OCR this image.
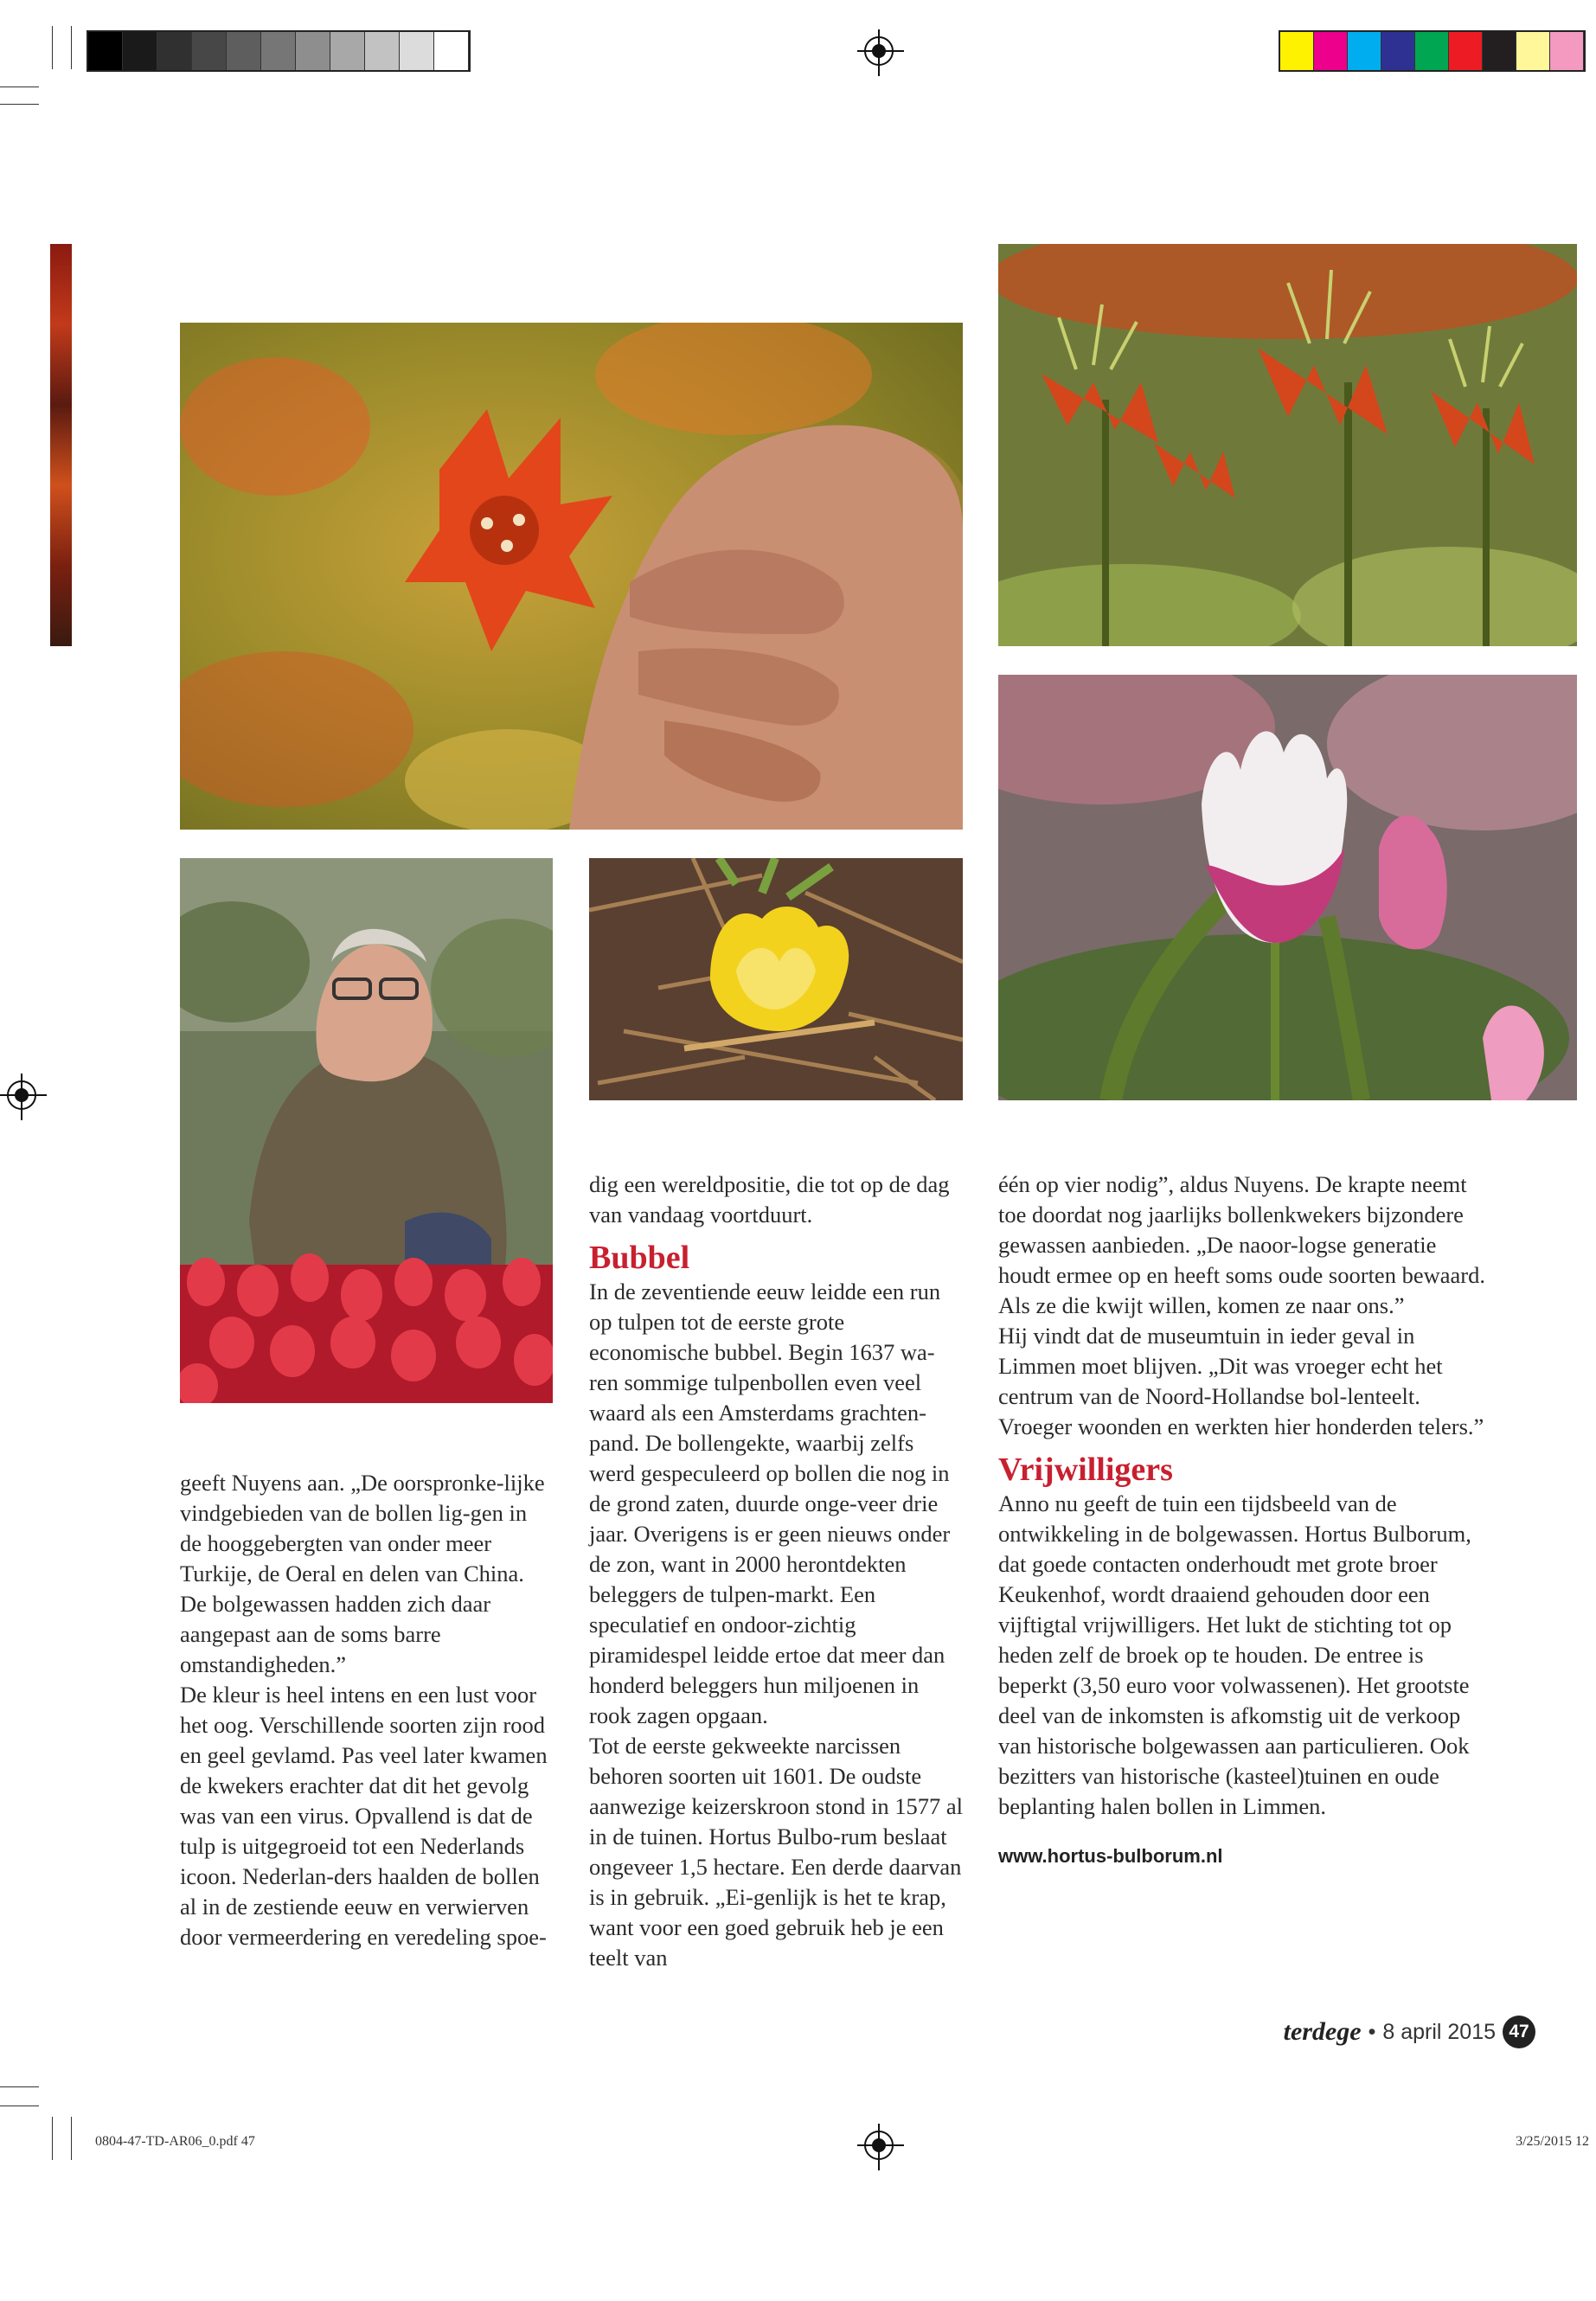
geeft Nuyens aan. „De oorspronke-lijke vindgebieden van de bollen lig-gen in de hooggebergten van onder meer Turkije, de Oeral en delen van China. De bolgewassen hadden zich daar aangepast aan de soms barre omstandigheden.”

De kleur is heel intens en een lust voor het oog. Verschillende soorten zijn rood en geel gevlamd. Pas veel later kwamen de kwekers erachter dat dit het gevolg was van een virus. Opvallend is dat de tulp is uitgegroeid tot een Nederlands icoon. Nederlan-ders haalden de bollen al in de zestiende eeuw en verwierven door vermeerdering en veredeling spoe-

dig een wereldpositie, die tot op de dag van vandaag voortduurt.

Bubbel

In de zeventiende eeuw leidde een run op tulpen tot de eerste grote economische bubbel. Begin 1637 wa-ren sommige tulpenbollen even veel waard als een Amsterdams grachten-pand. De bollengekte, waarbij zelfs werd gespeculeerd op bollen die nog in de grond zaten, duurde onge-veer drie jaar. Overigens is er geen nieuws onder de zon, want in 2000 herontdekten beleggers de tulpen-markt. Een speculatief en ondoor-zichtig piramidespel leidde ertoe dat meer dan honderd beleggers hun miljoenen in rook zagen opgaan.

Tot de eerste gekweekte narcissen behoren soorten uit 1601. De oudste aanwezige keizerskroon stond in 1577 al in de tuinen. Hortus Bulbo-rum beslaat ongeveer 1,5 hectare. Een derde daarvan is in gebruik. „Ei-genlijk is het te krap, want voor een goed gebruik heb je een teelt van

één op vier nodig”, aldus Nuyens. De krapte neemt toe doordat nog jaarlijks bollenkwekers bijzondere gewassen aanbieden. „De naoor-logse generatie houdt ermee op en heeft soms oude soorten bewaard. Als ze die kwijt willen, komen ze naar ons.”

Hij vindt dat de museumtuin in ieder geval in Limmen moet blijven. „Dit was vroeger echt het centrum van de Noord-Hollandse bol-lenteelt. Vroeger woonden en werkten hier honderden telers.”

Vrijwilligers

Anno nu geeft de tuin een tijdsbeeld van de ontwikkeling in de bolgewassen. Hortus Bulborum, dat goede contacten onderhoudt met grote broer Keukenhof, wordt draaiend gehouden door een vijftigtal vrijwilligers. Het lukt de stichting tot op heden zelf de broek op te houden. De entree is beperkt (3,50 euro voor volwassenen). Het grootste deel van de inkomsten is afkomstig uit de verkoop van historische bolgewassen aan particulieren. Ook bezitters van historische (kasteel)tuinen en oude beplanting halen bollen in Limmen.

www.hortus-bulborum.nl

terdege • 8 april 2015 47
0804-47-TD-AR06_0.pdf 47	3/25/2015 12
